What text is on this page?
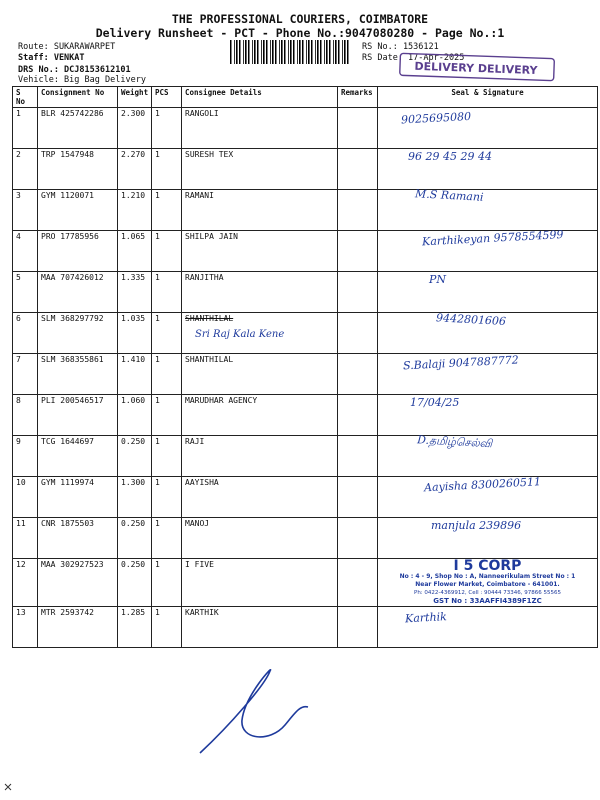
THE PROFESSIONAL COURIERS, COIMBATORE
Delivery Runsheet - PCT - Phone No.:9047080280 - Page No.:1
Route: SUKARAWARPET
Staff: VENKAT
DRS No.: DCJ8153612101
Vehicle: Big Bag Delivery
RS No.: 1536121
RS Date: 17-Apr-2025
DELIVERY DELIVERY
S No	Consignment No	Weight	PCS	Consignee Details	Remarks	Seal & Signature
1	BLR 425742286	2.300	1	RANGOLI		9025695080

2	TRP 1547948	2.270	1	SURESH TEX		96 29 45 29 44

3	GYM 1120071	1.210	1	RAMANI		M.S Ramani

4	PRO 17785956	1.065	1	SHILPA JAIN		Karthikeyan 9578554599

5	MAA 707426012	1.335	1	RANJITHA		PN

6	SLM 368297792	1.035	1	SHANTHILAL
Sri Raj Kala Kene		9442801606

7	SLM 368355861	1.410	1	SHANTHILAL		S.Balaji 9047887772

8	PLI 200546517	1.060	1	MARUDHAR AGENCY		17/04/25

9	TCG 1644697	0.250	1	RAJI		D.தமிழ்செல்வி

10	GYM 1119974	1.300	1	AAYISHA		Aayisha 8300260511

11	CNR 1875503	0.250	1	MANOJ		manjula 239896

12	MAA 302927523	0.250	1	I FIVE		I 5 CORP
No : 4 - 9, Shop No : A, Nanneerikulam Street No : 1
Near Flower Market, Coimbatore - 641001.
Ph: 0422-4369912, Cell : 90444 73346, 97866 55565
GST No : 33AAFFI4389F1ZC

13	MTR 2593742	1.285	1	KARTHIK		Karthik
